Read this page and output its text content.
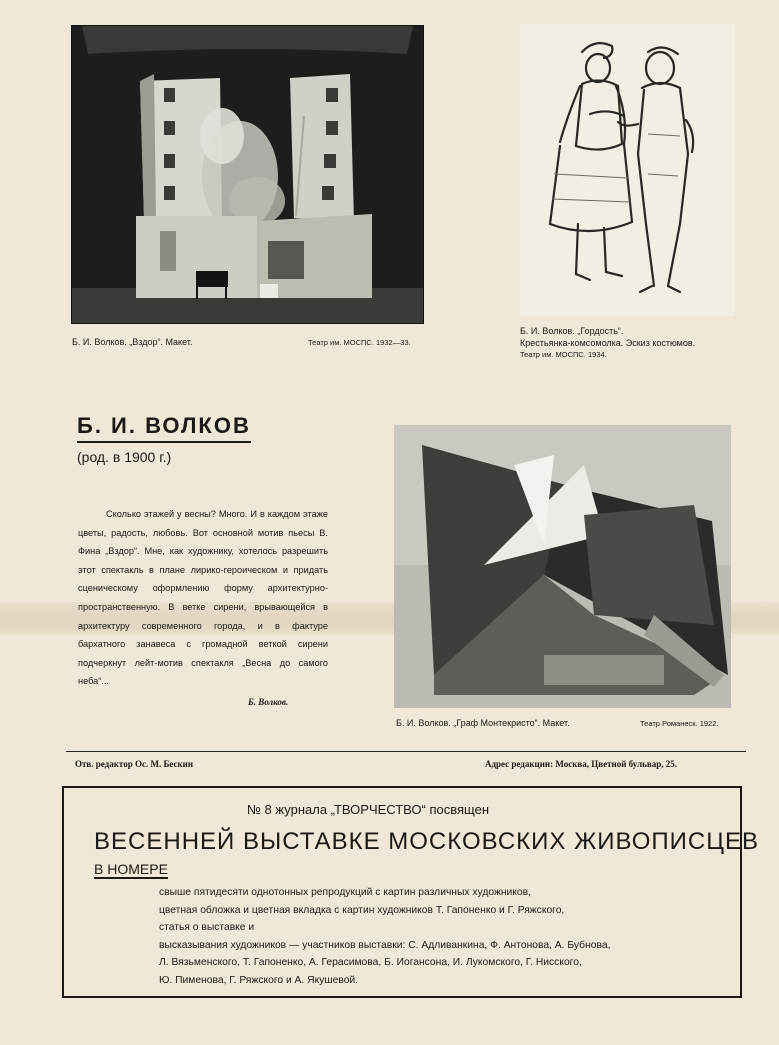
Б. И. Волков. „Вздор“. Макет.	Театр им. МОСПС. 1932—33.
Б. И. Волков. „Гордость“.
Крестьянка-комсомолка. Эскиз костюмов.
Театр им. МОСПС. 1934.
Б. И. ВОЛКОВ
(род. в 1900 г.)
Сколько этажей у весны? Много. И в каждом этаже цветы, радость, любовь. Вот основной мотив пьесы В. Фина „Вздор“. Мне, как художнику, хотелось разрешить этот спектакль в плане лирико-героическом и придать сценическому оформлению форму архитектурно-пространственную. В ветке сирени, врывающейся в архитектуру современного города, и в фактуре бархатного занавеса с громадной веткой сирени подчеркнут лейт-мотив спектакля „Весна до самого неба“...
Б. Волков.
Б. И. Волков. „Граф Монтекристо“. Макет.	Театр Романеск. 1922.
Отв. редактор Ос. М. Бескин	Адрес редакции: Москва, Цветной бульвар, 25.
№ 8 журнала „ТВОРЧЕСТВО“ посвящен
ВЕСЕННЕЙ ВЫСТАВКЕ МОСКОВСКИХ ЖИВОПИСЦЕВ
В НОМЕРЕ
свыше пятидесяти однотонных репродукций с картин различных художников,
цветная обложка и цветная вкладка с картин художников Т. Гапоненко и Г. Ряжского,
статья о выставке и
высказывания художников — участников выставки: С. Адливанкина, Ф. Антонова, А. Бубнова,
Л. Вязьменского, Т. Гапоненко, А. Герасимова, Б. Иогансона, И. Лукомского, Г. Нисского,
Ю. Пименова, Г. Ряжского и А. Якушевой.
